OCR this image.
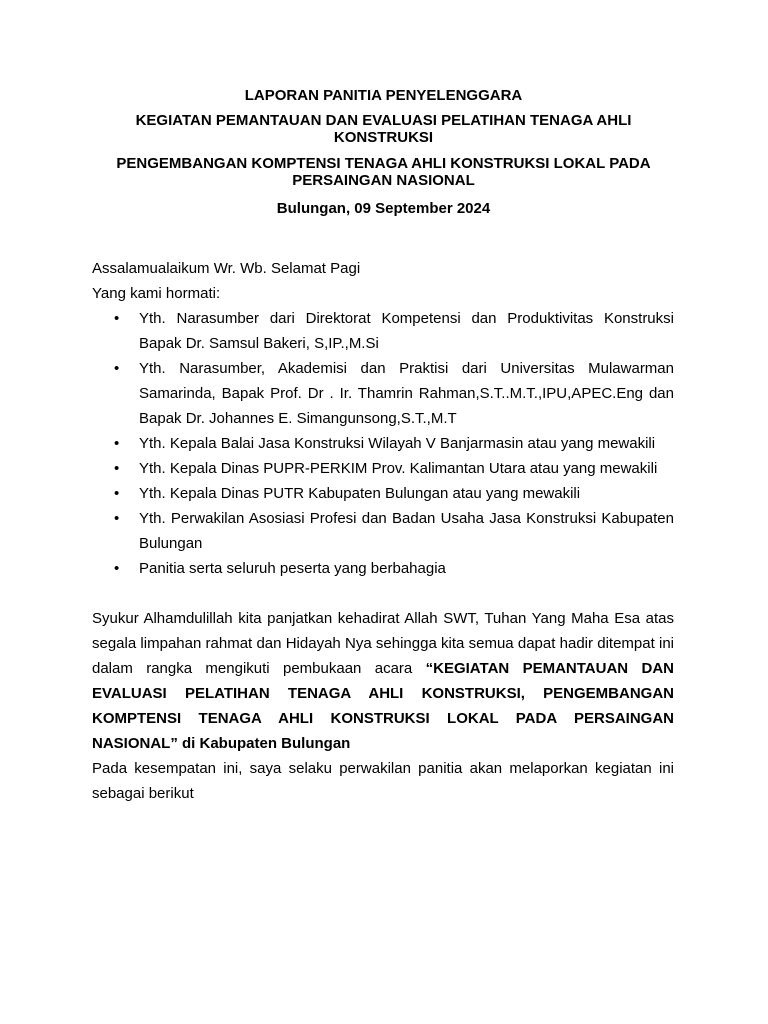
LAPORAN PANITIA PENYELENGGARA
KEGIATAN PEMANTAUAN DAN EVALUASI PELATIHAN TENAGA AHLI KONSTRUKSI
PENGEMBANGAN KOMPTENSI TENAGA AHLI KONSTRUKSI LOKAL PADA PERSAINGAN NASIONAL
Bulungan, 09 September 2024

Assalamualaikum Wr. Wb. Selamat Pagi

Yang kami hormati:

• Yth. Narasumber dari Direktorat Kompetensi dan Produktivitas Konstruksi Bapak Dr. Samsul Bakeri, S,IP.,M.Si
• Yth. Narasumber, Akademisi dan Praktisi dari Universitas Mulawarman Samarinda, Bapak Prof. Dr . Ir. Thamrin Rahman,S.T..M.T.,IPU,APEC.Eng dan Bapak Dr. Johannes E. Simangunsong,S.T.,M.T
• Yth. Kepala Balai Jasa Konstruksi Wilayah V Banjarmasin atau yang mewakili
• Yth. Kepala Dinas PUPR-PERKIM Prov. Kalimantan Utara atau yang mewakili
• Yth. Kepala Dinas PUTR Kabupaten Bulungan atau yang mewakili
• Yth. Perwakilan Asosiasi Profesi dan Badan Usaha Jasa Konstruksi Kabupaten Bulungan
• Panitia serta seluruh peserta yang berbahagia

Syukur Alhamdulillah kita panjatkan kehadirat Allah SWT, Tuhan Yang Maha Esa atas segala limpahan rahmat dan Hidayah Nya sehingga kita semua dapat hadir ditempat ini dalam rangka mengikuti pembukaan acara “KEGIATAN PEMANTAUAN DAN EVALUASI PELATIHAN TENAGA AHLI KONSTRUKSI, PENGEMBANGAN KOMPTENSI TENAGA AHLI KONSTRUKSI LOKAL PADA PERSAINGAN NASIONAL” di Kabupaten Bulungan

Pada kesempatan ini, saya selaku perwakilan panitia akan melaporkan kegiatan ini sebagai berikut
